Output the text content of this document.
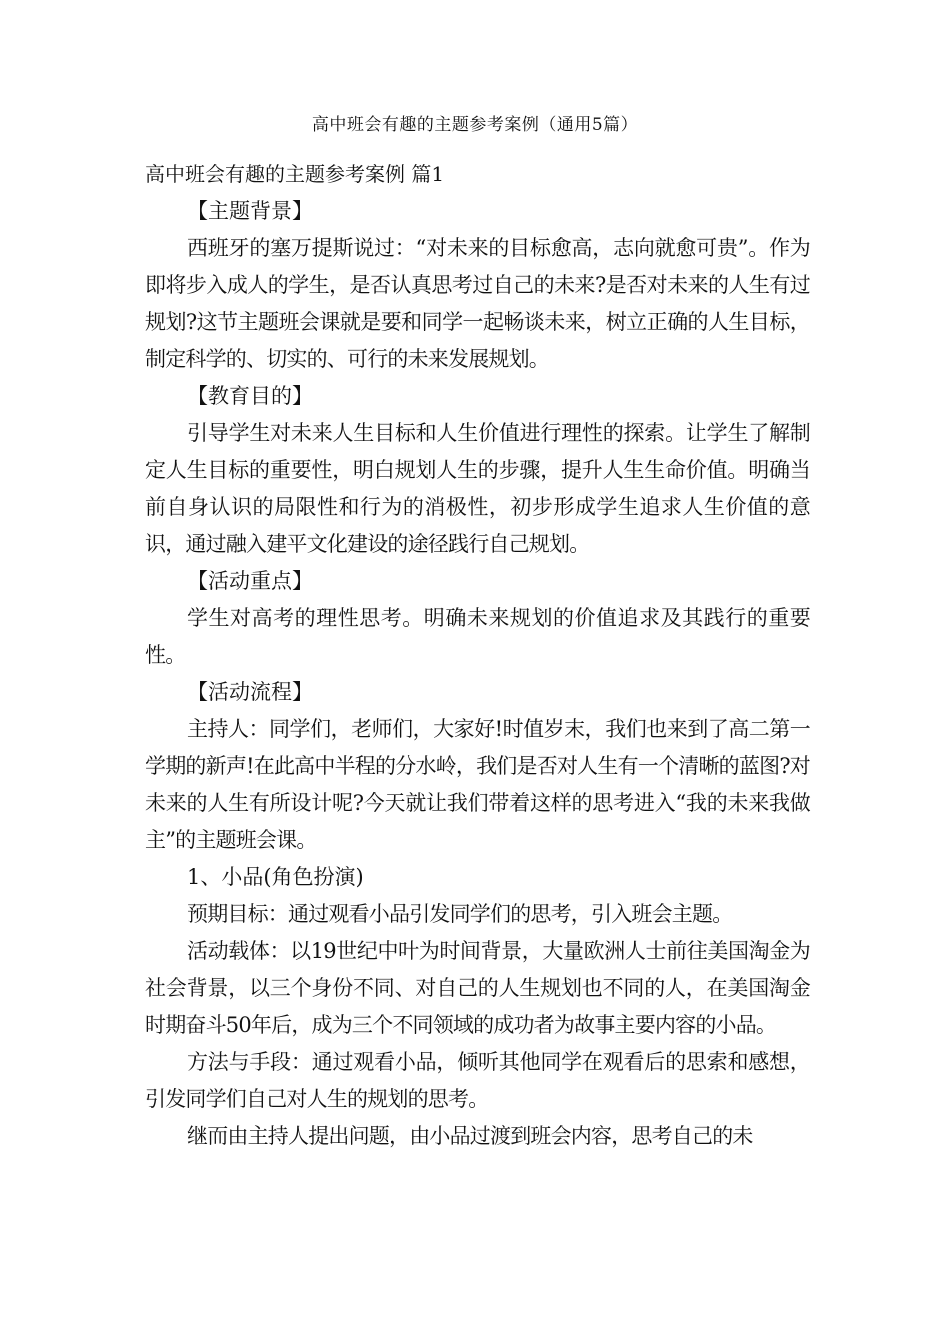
高中班会有趣的主题参考案例（通用5篇）

高中班会有趣的主题参考案例 篇1

【主题背景】

西班牙的塞万提斯说过：“对未来的目标愈高，志向就愈可贵”。作为即将步入成人的学生，是否认真思考过自己的未来?是否对未来的人生有过规划?这节主题班会课就是要和同学一起畅谈未来，树立正确的人生目标，制定科学的、切实的、可行的未来发展规划。

【教育目的】

引导学生对未来人生目标和人生价值进行理性的探索。让学生了解制定人生目标的重要性，明白规划人生的步骤，提升人生生命价值。明确当前自身认识的局限性和行为的消极性，初步形成学生追求人生价值的意识，通过融入建平文化建设的途径践行自己规划。

【活动重点】

学生对高考的理性思考。明确未来规划的价值追求及其践行的重要性。

【活动流程】

主持人：同学们，老师们，大家好!时值岁末，我们也来到了高二第一学期的新声!在此高中半程的分水岭，我们是否对人生有一个清晰的蓝图?对未来的人生有所设计呢?今天就让我们带着这样的思考进入“我的未来我做主”的主题班会课。

1、小品(角色扮演)

预期目标：通过观看小品引发同学们的思考，引入班会主题。

活动载体：以19世纪中叶为时间背景，大量欧洲人士前往美国淘金为社会背景，以三个身份不同、对自己的人生规划也不同的人，在美国淘金时期奋斗50年后，成为三个不同领域的成功者为故事主要内容的小品。

方法与手段：通过观看小品，倾听其他同学在观看后的思索和感想，引发同学们自己对人生的规划的思考。

继而由主持人提出问题，由小品过渡到班会内容，思考自己的未
